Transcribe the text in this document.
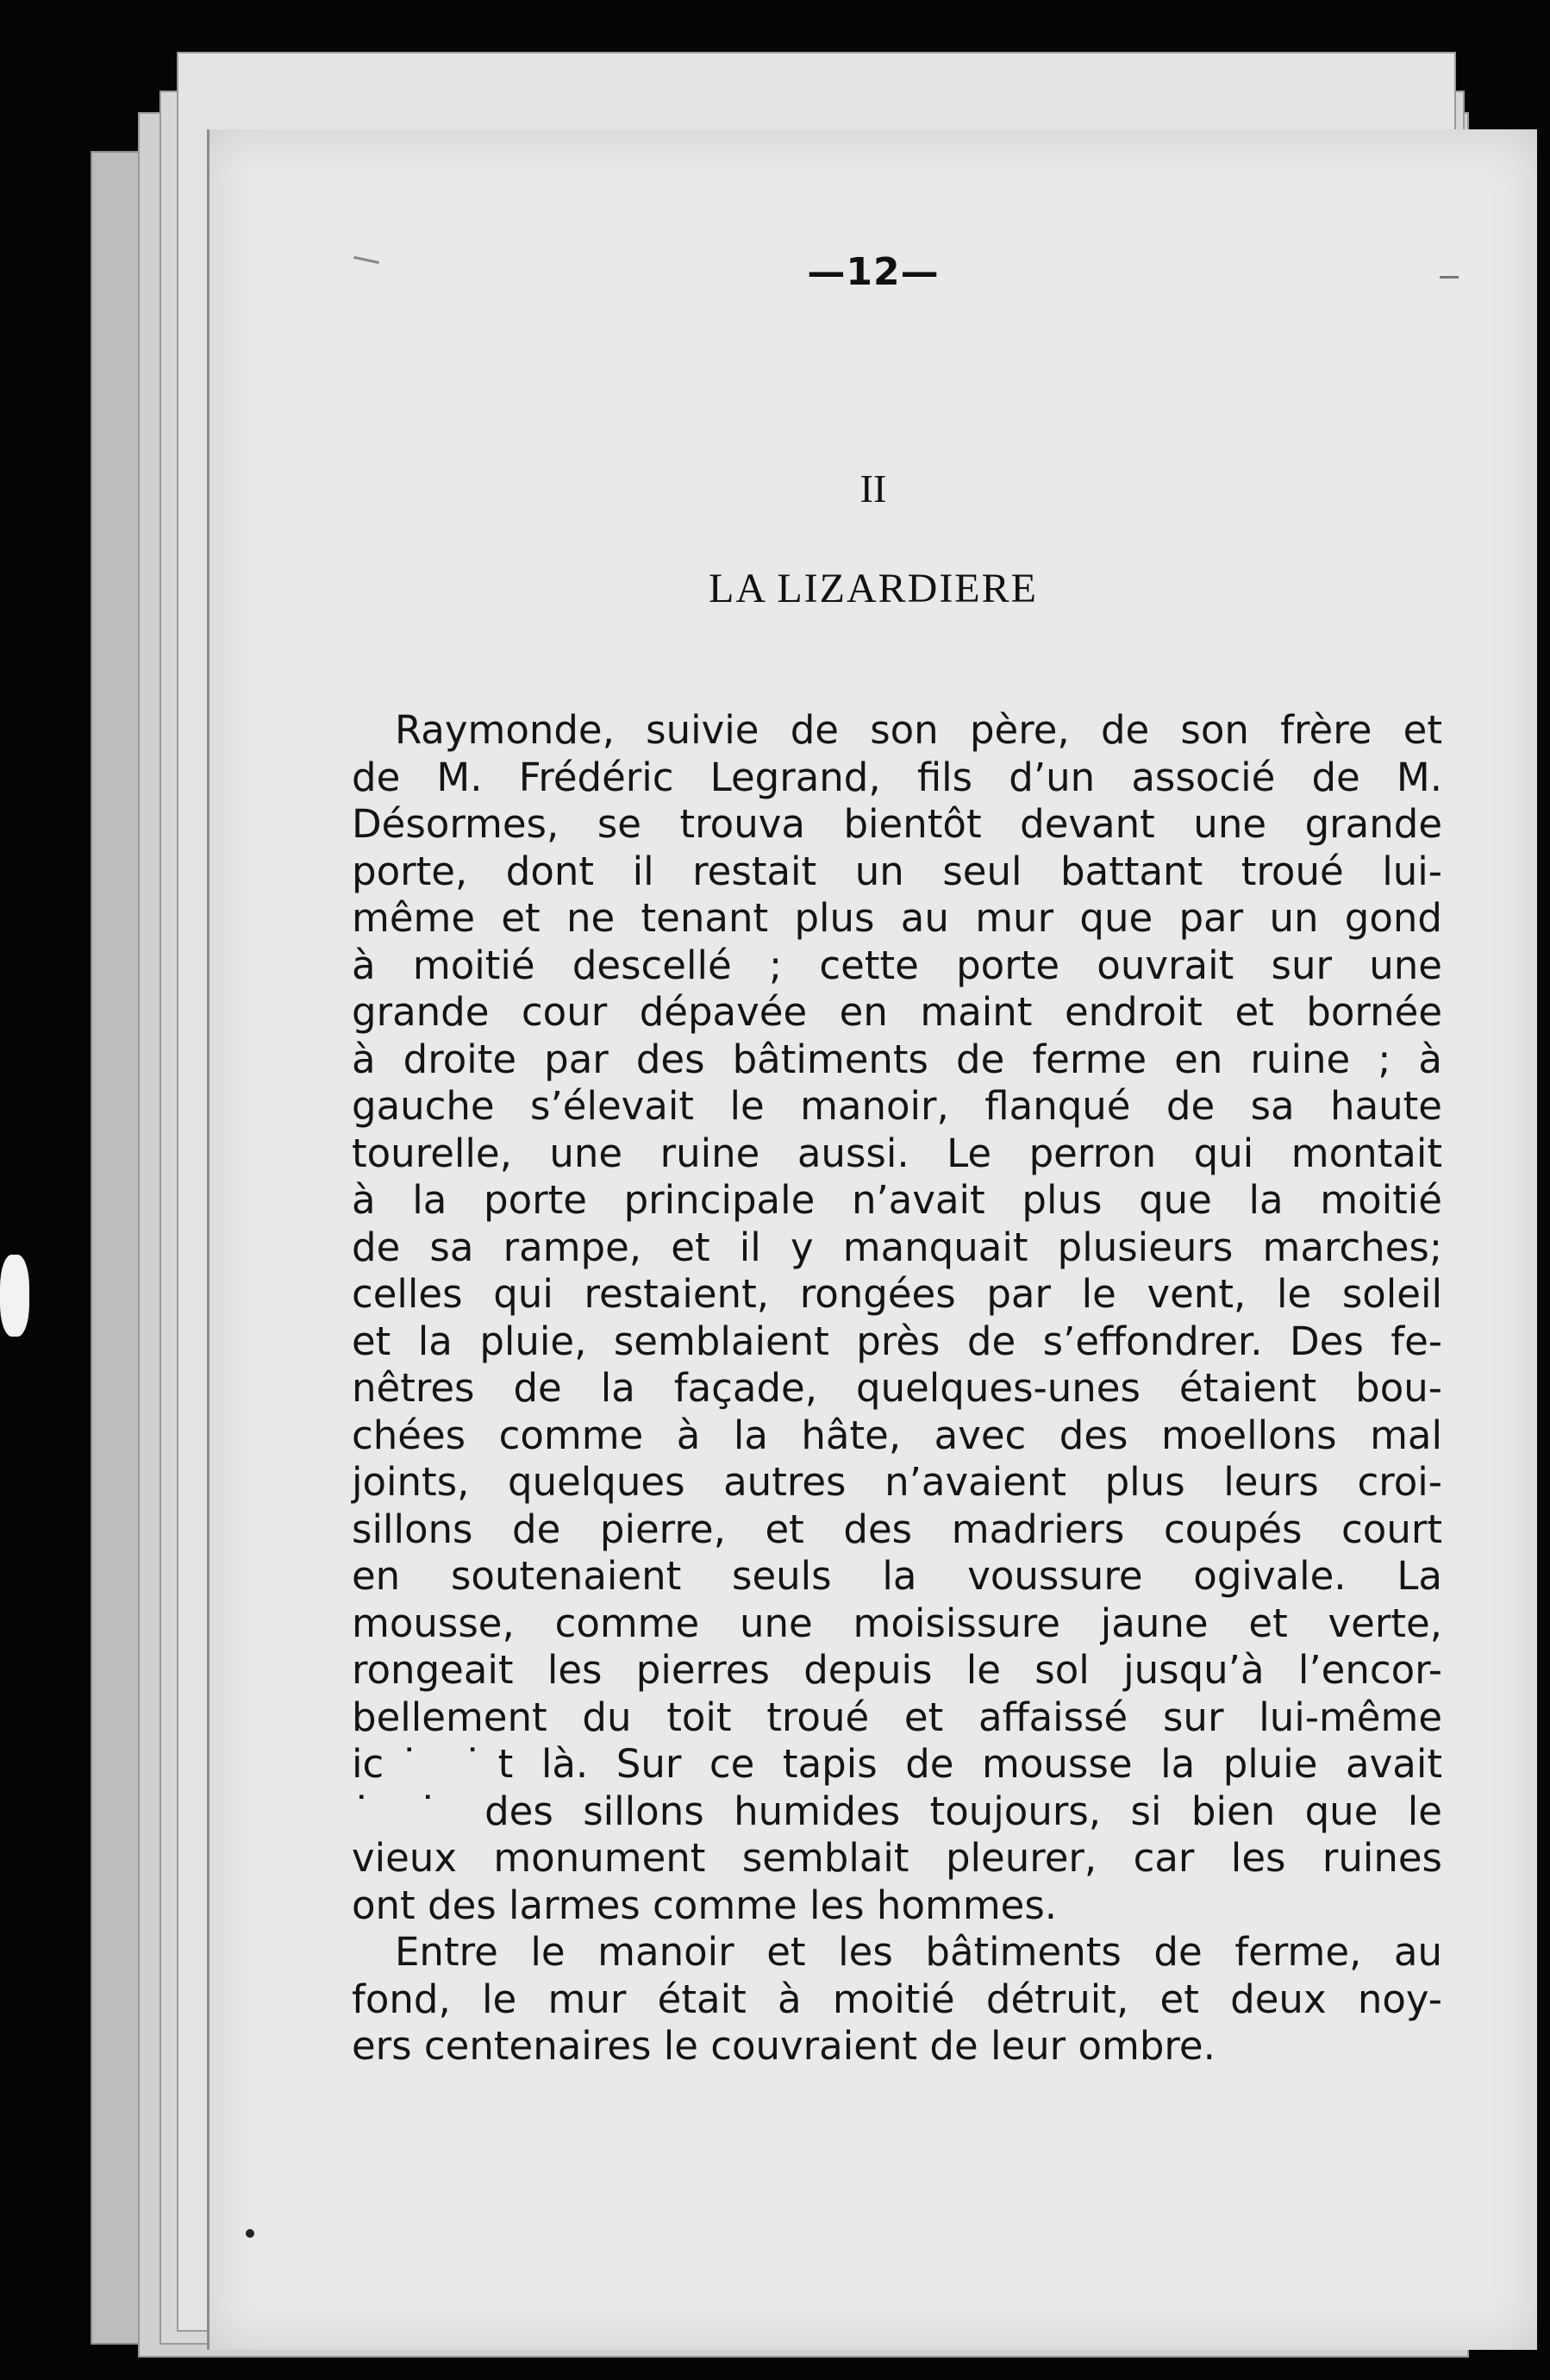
—12—
II
LA LIZARDIERE
Raymonde, suivie de son père, de son frère et
de M. Frédéric Legrand, fils d’un associé de M.
Désormes, se trouva bientôt devant une grande
porte, dont il restait un seul battant troué lui-
même et ne tenant plus au mur que par un gond
à moitié descellé ; cette porte ouvrait sur une
grande cour dépavée en maint endroit et bornée
à droite par des bâtiments de ferme en ruine ; à
gauche s’élevait le manoir, flanqué de sa haute
tourelle, une ruine aussi. Le perron qui montait
à la porte principale n’avait plus que la moitié
de sa rampe, et il y manquait plusieurs marches;
celles qui restaient, rongées par le vent, le soleil
et la pluie, semblaient près de s’effondrer. Des fe-
nêtres de la façade, quelques-unes étaient bou-
chées comme à la hâte, avec des moellons mal
joints, quelques autres n’avaient plus leurs croi-
sillons de pierre, et des madriers coupés court
en soutenaient seuls la voussure ogivale. La
mousse, comme une moisissure jaune et verte,
rongeait les pierres depuis le sol jusqu’à l’encor-
bellement du toit troué et affaissé sur lui-même
ic˙ ˙t là. Sur ce tapis de mousse la pluie avait
˙ ˙ des sillons humides toujours, si bien que le
vieux monument semblait pleurer, car les ruines
ont des larmes comme les hommes.
Entre le manoir et les bâtiments de ferme, au
fond, le mur était à moitié détruit, et deux noy-
ers centenaires le couvraient de leur ombre.
